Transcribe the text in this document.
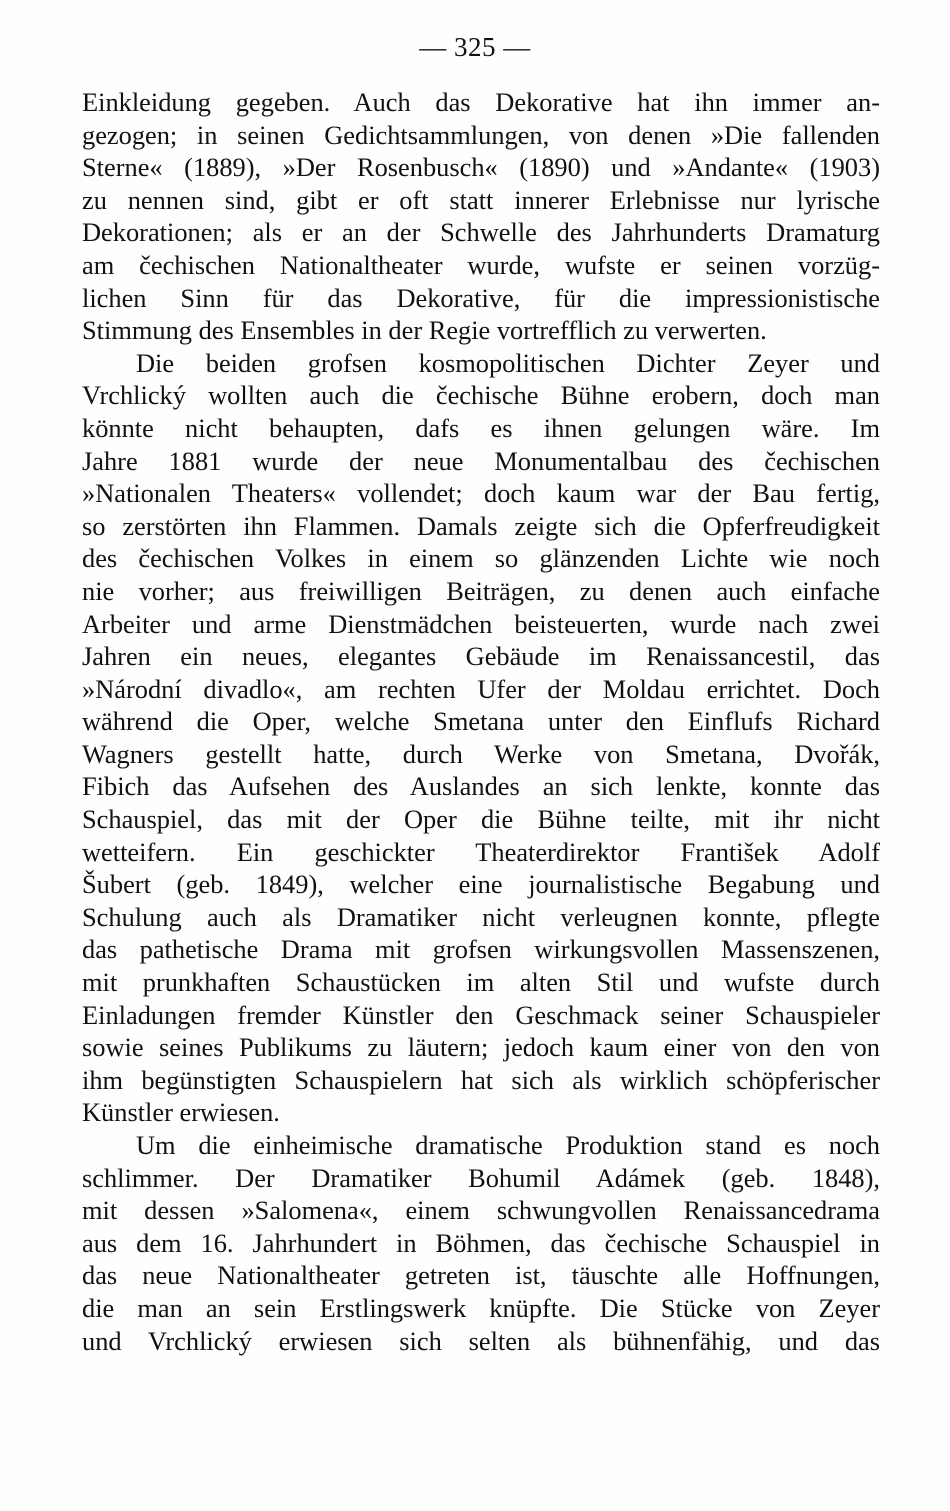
— 325 —
Einkleidung gegeben. Auch das Dekorative hat ihn immer an-
gezogen; in seinen Gedichtsammlungen, von denen »Die fallenden
Sterne« (1889), »Der Rosenbusch« (1890) und »Andante« (1903)
zu nennen sind, gibt er oft statt innerer Erlebnisse nur lyrische
Dekorationen; als er an der Schwelle des Jahrhunderts Dramaturg
am čechischen Nationaltheater wurde, wufste er seinen vorzüg-
lichen Sinn für das Dekorative, für die impressionistische
Stimmung des Ensembles in der Regie vortrefflich zu verwerten.
Die beiden grofsen kosmopolitischen Dichter Zeyer und
Vrchlický wollten auch die čechische Bühne erobern, doch man
könnte nicht behaupten, dafs es ihnen gelungen wäre. Im
Jahre 1881 wurde der neue Monumentalbau des čechischen
»Nationalen Theaters« vollendet; doch kaum war der Bau fertig,
so zerstörten ihn Flammen. Damals zeigte sich die Opferfreudigkeit
des čechischen Volkes in einem so glänzenden Lichte wie noch
nie vorher; aus freiwilligen Beiträgen, zu denen auch einfache
Arbeiter und arme Dienstmädchen beisteuerten, wurde nach zwei
Jahren ein neues, elegantes Gebäude im Renaissancestil, das
»Národní divadlo«, am rechten Ufer der Moldau errichtet. Doch
während die Oper, welche Smetana unter den Einflufs Richard
Wagners gestellt hatte, durch Werke von Smetana, Dvořák,
Fibich das Aufsehen des Auslandes an sich lenkte, konnte das
Schauspiel, das mit der Oper die Bühne teilte, mit ihr nicht
wetteifern. Ein geschickter Theaterdirektor František Adolf
Šubert (geb. 1849), welcher eine journalistische Begabung und
Schulung auch als Dramatiker nicht verleugnen konnte, pflegte
das pathetische Drama mit grofsen wirkungsvollen Massenszenen,
mit prunkhaften Schaustücken im alten Stil und wufste durch
Einladungen fremder Künstler den Geschmack seiner Schauspieler
sowie seines Publikums zu läutern; jedoch kaum einer von den von
ihm begünstigten Schauspielern hat sich als wirklich schöpferischer
Künstler erwiesen.
Um die einheimische dramatische Produktion stand es noch
schlimmer. Der Dramatiker Bohumil Adámek (geb. 1848),
mit dessen »Salomena«, einem schwungvollen Renaissancedrama
aus dem 16. Jahrhundert in Böhmen, das čechische Schauspiel in
das neue Nationaltheater getreten ist, täuschte alle Hoffnungen,
die man an sein Erstlingswerk knüpfte. Die Stücke von Zeyer
und Vrchlický erwiesen sich selten als bühnenfähig, und das
